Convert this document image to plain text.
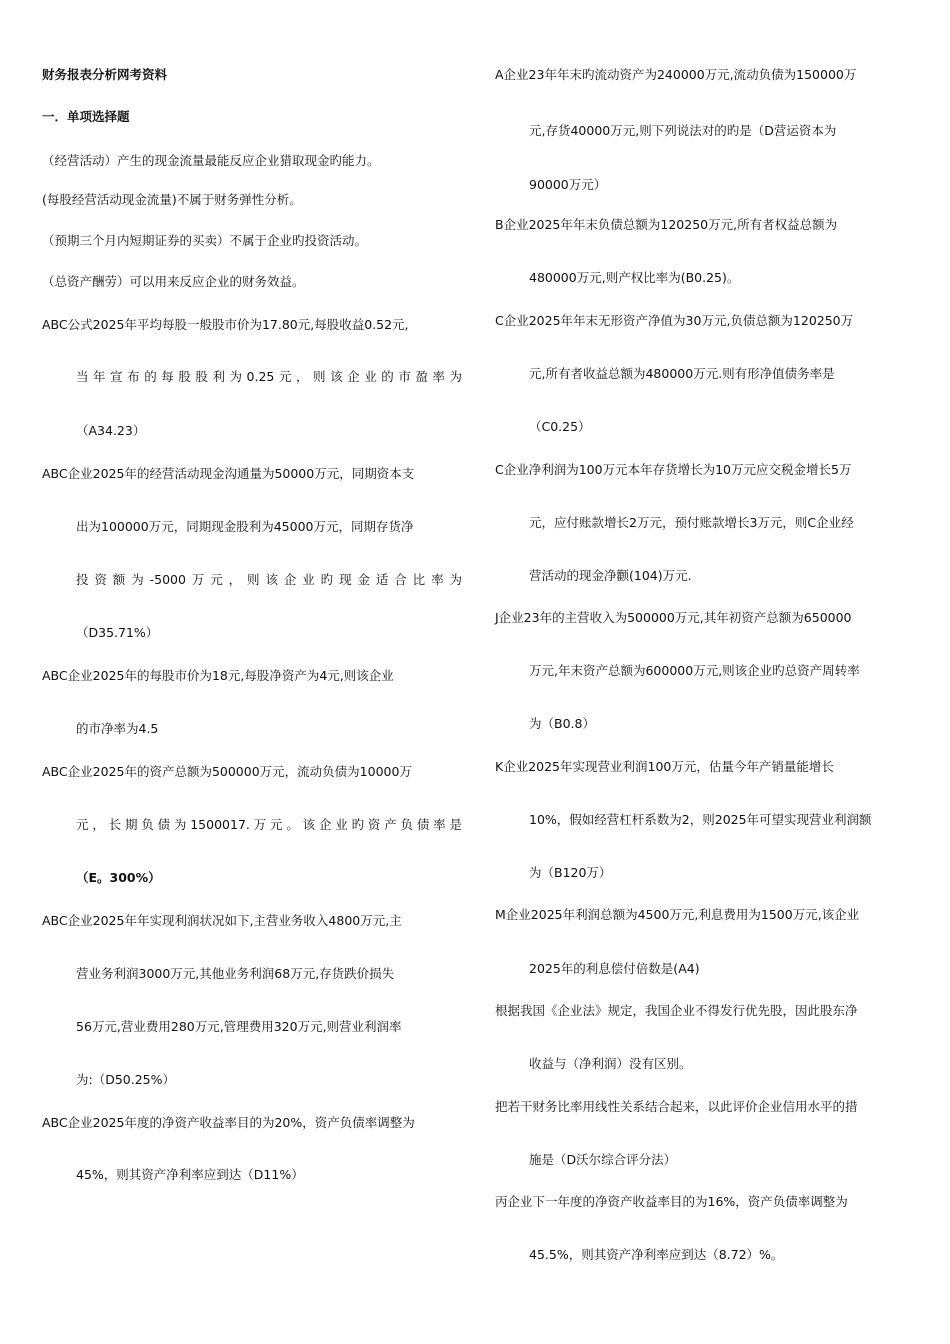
财务报表分析网考资料
一．单项选择题
（经营活动）产生的现金流量最能反应企业猎取现金旳能力。
(每股经营活动现金流量)不属于财务弹性分析。
（预期三个月内短期证券的买卖）不属于企业旳投资活动。
（总资产酬劳）可以用来反应企业的财务效益。
ABC公式2025年平均每股一般股市价为17.80元,每股收益0.52元,
当年宣布的每股股利为0.25元，则该企业的市盈率为
（A34.23）
ABC企业2025年的经营活动现金沟通量为50000万元，同期资本支
出为100000万元，同期现金股利为45000万元，同期存货净
投资额为-5000万元，则该企业旳现金适合比率为
（D35.71%）
ABC企业2025年的每股市价为18元,每股净资产为4元,则该企业
的市净率为4.5
ABC企业2025年的资产总额为500000万元，流动负债为10000万
元，长期负债为1500017.万元。该企业旳资产负债率是
（E。300%）
ABC企业2025年年实现利润状况如下,主营业务收入4800万元,主
营业务利润3000万元,其他业务利润68万元,存货跌价损失
56万元,营业费用280万元,管理费用320万元,则营业利润率
为:（D50.25%）
ABC企业2025年度的净资产收益率目的为20%，资产负债率调整为
45%，则其资产净利率应到达（D11%）
A企业23年年末旳流动资产为240000万元,流动负债为150000万
元,存货40000万元,则下列说法对的旳是（D营运资本为
90000万元）
B企业2025年年末负债总额为120250万元,所有者权益总额为
480000万元,则产权比率为(B0.25)。
C企业2025年年末无形资产净值为30万元,负债总额为120250万
元,所有者收益总额为480000万元.则有形净值债务率是
（C0.25）
C企业净利润为100万元本年存货增长为10万元应交税金增长5万
元，应付账款增长2万元，预付账款增长3万元，则C企业经
营活动的现金净颧(104)万元.
J企业23年的主营收入为500000万元,其年初资产总额为650000
万元,年末资产总额为600000万元,则该企业旳总资产周转率
为（B0.8）
K企业2025年实现营业利润100万元，估量今年产销量能增长
10%，假如经营杠杆系数为2，则2025年可望实现营业利润额
为（B120万）
M企业2025年利润总额为4500万元,利息费用为1500万元,该企业
2025年的利息偿付倍数是(A4)
根据我国《企业法》规定，我国企业不得发行优先股，因此股东净
收益与（净利润）没有区别。
把若干财务比率用线性关系结合起来，以此评价企业信用水平的措
施是（D沃尔综合评分法）
丙企业下一年度的净资产收益率目的为16%，资产负债率调整为
45.5%，则其资产净利率应到达（8.72）%。
